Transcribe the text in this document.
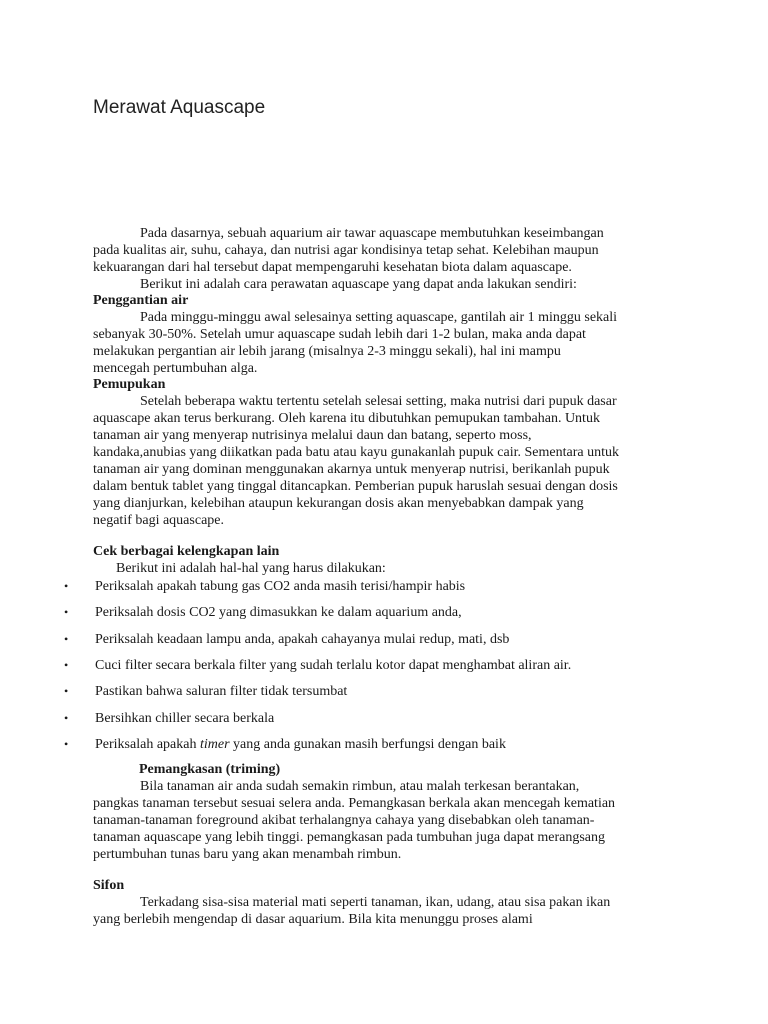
Merawat Aquascape
Pada dasarnya, sebuah aquarium air tawar aquascape membutuhkan keseimbangan
pada kualitas air, suhu, cahaya, dan nutrisi agar kondisinya tetap sehat. Kelebihan maupun
kekuarangan dari hal tersebut dapat mempengaruhi kesehatan biota dalam aquascape.
Berikut ini adalah cara perawatan aquascape yang dapat anda lakukan sendiri:
Penggantian air
Pada minggu-minggu awal selesainya setting aquascape, gantilah air 1 minggu sekali
sebanyak 30-50%. Setelah umur aquascape sudah lebih dari 1-2 bulan, maka anda dapat
melakukan pergantian air lebih jarang (misalnya 2-3 minggu sekali), hal ini mampu
mencegah pertumbuhan alga.
Pemupukan
Setelah beberapa waktu tertentu setelah selesai setting, maka nutrisi dari pupuk dasar
aquascape akan terus berkurang. Oleh karena itu dibutuhkan pemupukan tambahan. Untuk
tanaman air yang menyerap nutrisinya melalui daun dan batang, seperto moss,
kandaka,anubias yang diikatkan pada batu atau kayu gunakanlah pupuk cair. Sementara untuk
tanaman air yang dominan menggunakan akarnya untuk menyerap nutrisi, berikanlah pupuk
dalam bentuk tablet yang tinggal ditancapkan. Pemberian pupuk haruslah sesuai dengan dosis
yang dianjurkan, kelebihan ataupun kekurangan dosis akan menyebabkan dampak yang
negatif bagi aquascape.
Cek berbagai kelengkapan lain
Berikut ini adalah hal-hal yang harus dilakukan:
• Periksalah apakah tabung gas CO2 anda masih terisi/hampir habis
• Periksalah dosis CO2 yang dimasukkan ke dalam aquarium anda,
• Periksalah keadaan lampu anda, apakah cahayanya mulai redup, mati, dsb
• Cuci filter secara berkala filter yang sudah terlalu kotor dapat menghambat aliran air.
• Pastikan bahwa saluran filter tidak tersumbat
• Bersihkan chiller secara berkala
• Periksalah apakah timer yang anda gunakan masih berfungsi dengan baik
Pemangkasan (triming)
Bila tanaman air anda sudah semakin rimbun, atau malah terkesan berantakan,
pangkas tanaman tersebut sesuai selera anda. Pemangkasan berkala akan mencegah kematian
tanaman-tanaman foreground akibat terhalangnya cahaya yang disebabkan oleh tanaman-
tanaman aquascape yang lebih tinggi. pemangkasan pada tumbuhan juga dapat merangsang
pertumbuhan tunas baru yang akan menambah rimbun.
Sifon
Terkadang sisa-sisa material mati seperti tanaman, ikan, udang, atau sisa pakan ikan
yang berlebih mengendap di dasar aquarium. Bila kita menunggu proses alami
